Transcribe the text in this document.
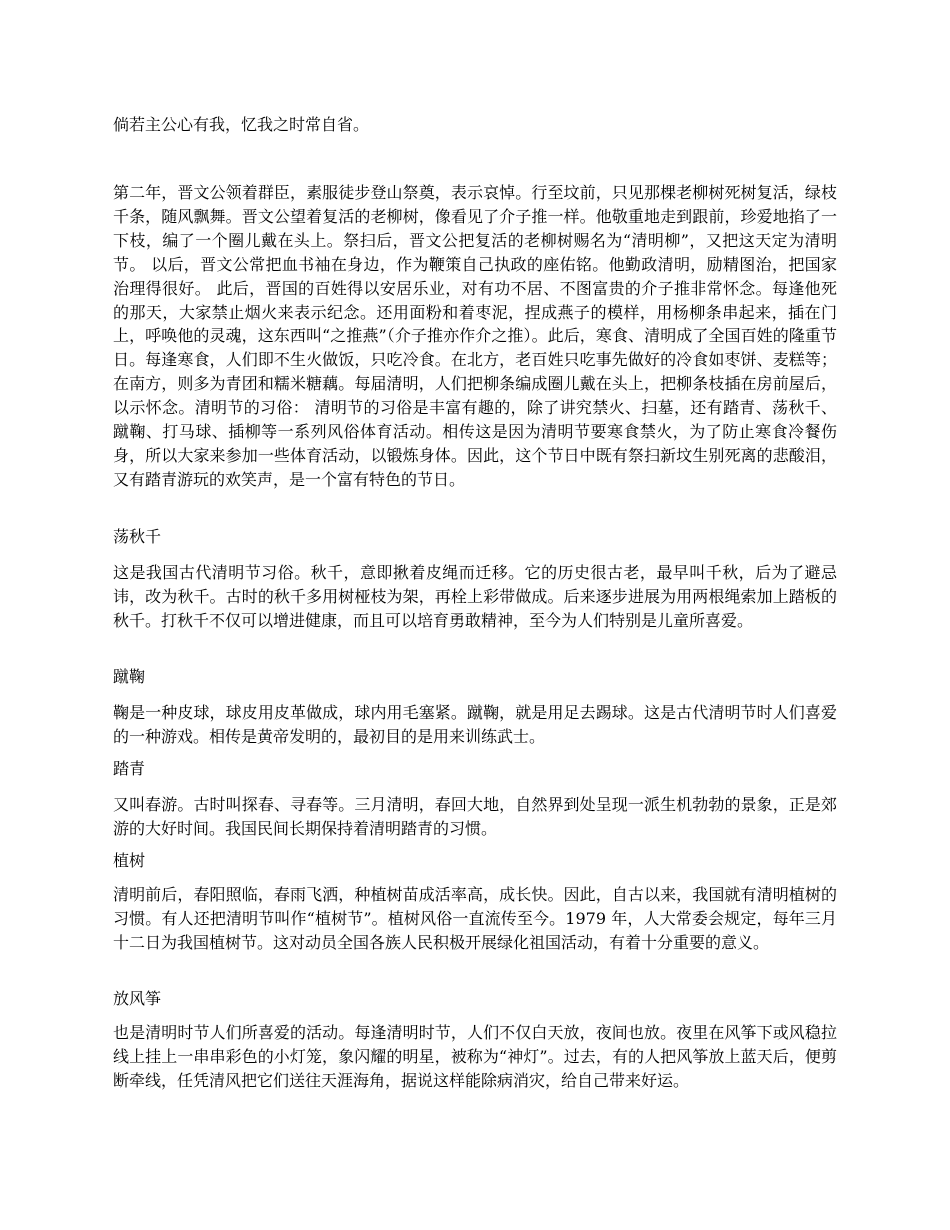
倘若主公心有我，忆我之时常自省。

第二年，晋文公领着群臣，素服徒步登山祭奠，表示哀悼。行至坟前，只见那棵老柳树死树复活，绿枝千条，随风飘舞。晋文公望着复活的老柳树，像看见了介子推一样。他敬重地走到跟前，珍爱地掐了一下枝，编了一个圈儿戴在头上。祭扫后，晋文公把复活的老柳树赐名为“清明柳”，又把这天定为清明节。 以后，晋文公常把血书袖在身边，作为鞭策自己执政的座佑铭。他勤政清明，励精图治，把国家治理得很好。 此后，晋国的百姓得以安居乐业，对有功不居、不图富贵的介子推非常怀念。每逢他死的那天，大家禁止烟火来表示纪念。还用面粉和着枣泥，捏成燕子的模样，用杨柳条串起来，插在门上，呼唤他的灵魂，这东西叫“之推燕”（介子推亦作介之推）。此后，寒食、清明成了全国百姓的隆重节日。每逢寒食，人们即不生火做饭，只吃冷食。在北方，老百姓只吃事先做好的冷食如枣饼、麦糕等；在南方，则多为青团和糯米糖藕。每届清明，人们把柳条编成圈儿戴在头上，把柳条枝插在房前屋后，以示怀念。清明节的习俗： 清明节的习俗是丰富有趣的，除了讲究禁火、扫墓，还有踏青、荡秋千、蹴鞠、打马球、插柳等一系列风俗体育活动。相传这是因为清明节要寒食禁火，为了防止寒食冷餐伤身，所以大家来参加一些体育活动，以锻炼身体。因此，这个节日中既有祭扫新坟生别死离的悲酸泪，又有踏青游玩的欢笑声，是一个富有特色的节日。

荡秋千

这是我国古代清明节习俗。秋千，意即揪着皮绳而迁移。它的历史很古老，最早叫千秋，后为了避忌讳，改为秋千。古时的秋千多用树桠枝为架，再栓上彩带做成。后来逐步进展为用两根绳索加上踏板的秋千。打秋千不仅可以增进健康，而且可以培育勇敢精神，至今为人们特别是儿童所喜爱。

蹴鞠

鞠是一种皮球，球皮用皮革做成，球内用毛塞紧。蹴鞠，就是用足去踢球。这是古代清明节时人们喜爱的一种游戏。相传是黄帝发明的，最初目的是用来训练武士。

踏青

又叫春游。古时叫探春、寻春等。三月清明，春回大地，自然界到处呈现一派生机勃勃的景象，正是郊游的大好时间。我国民间长期保持着清明踏青的习惯。

植树

清明前后，春阳照临，春雨飞洒，种植树苗成活率高，成长快。因此，自古以来，我国就有清明植树的习惯。有人还把清明节叫作“植树节”。植树风俗一直流传至今。1979 年，人大常委会规定，每年三月十二日为我国植树节。这对动员全国各族人民积极开展绿化祖国活动，有着十分重要的意义。

放风筝

也是清明时节人们所喜爱的活动。每逢清明时节，人们不仅白天放，夜间也放。夜里在风筝下或风稳拉线上挂上一串串彩色的小灯笼，象闪耀的明星，被称为“神灯”。过去，有的人把风筝放上蓝天后，便剪断牵线，任凭清风把它们送往天涯海角，据说这样能除病消灾，给自己带来好运。
